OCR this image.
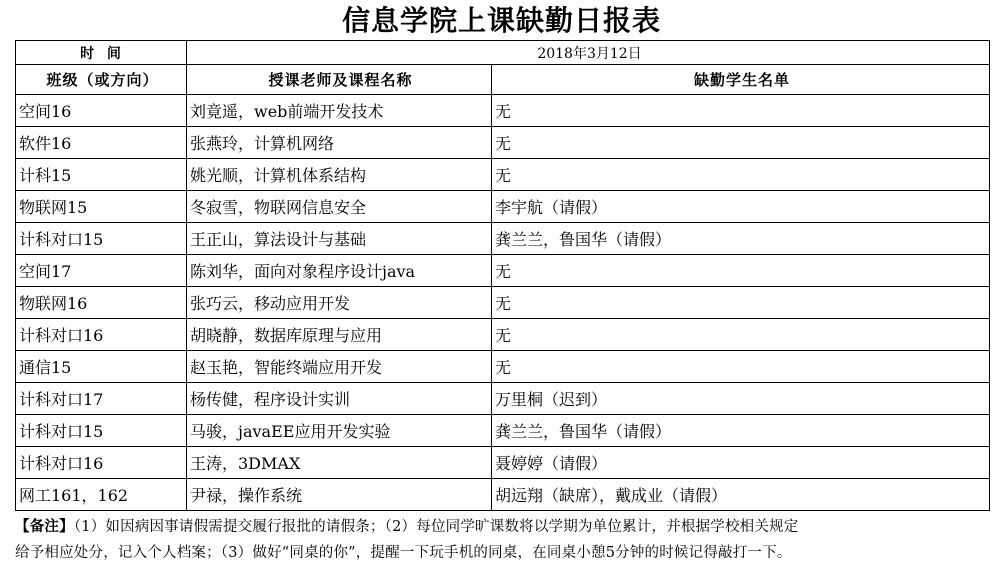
信息学院上课缺勤日报表
时 间	2018年3月12日	
班级（或方向）	授课老师及课程名称	缺勤学生名单
空间16	刘竟遥，web前端开发技术	无
软件16	张燕玲，计算机网络	无
计科15	姚光顺，计算机体系结构	无
物联网15	冬寂雪，物联网信息安全	李宇航（请假）
计科对口15	王正山，算法设计与基础	龚兰兰，鲁国华（请假）
空间17	陈刘华，面向对象程序设计java	无
物联网16	张巧云，移动应用开发	无
计科对口16	胡晓静，数据库原理与应用	无
通信15	赵玉艳，智能终端应用开发	无
计科对口17	杨传健，程序设计实训	万里桐（迟到）
计科对口15	马骏，javaEE应用开发实验	龚兰兰，鲁国华（请假）
计科对口16	王涛，3DMAX	聂婷婷（请假）
网工161，162	尹禄，操作系统	胡远翔（缺席），戴成业（请假）
【备注】（1）如因病因事请假需提交履行报批的请假条；（2）每位同学旷课数将以学期为单位累计，并根据学校相关规定
给予相应处分，记入个人档案；（3）做好“同桌的你”，提醒一下玩手机的同桌，在同桌小憩5分钟的时候记得敲打一下。
